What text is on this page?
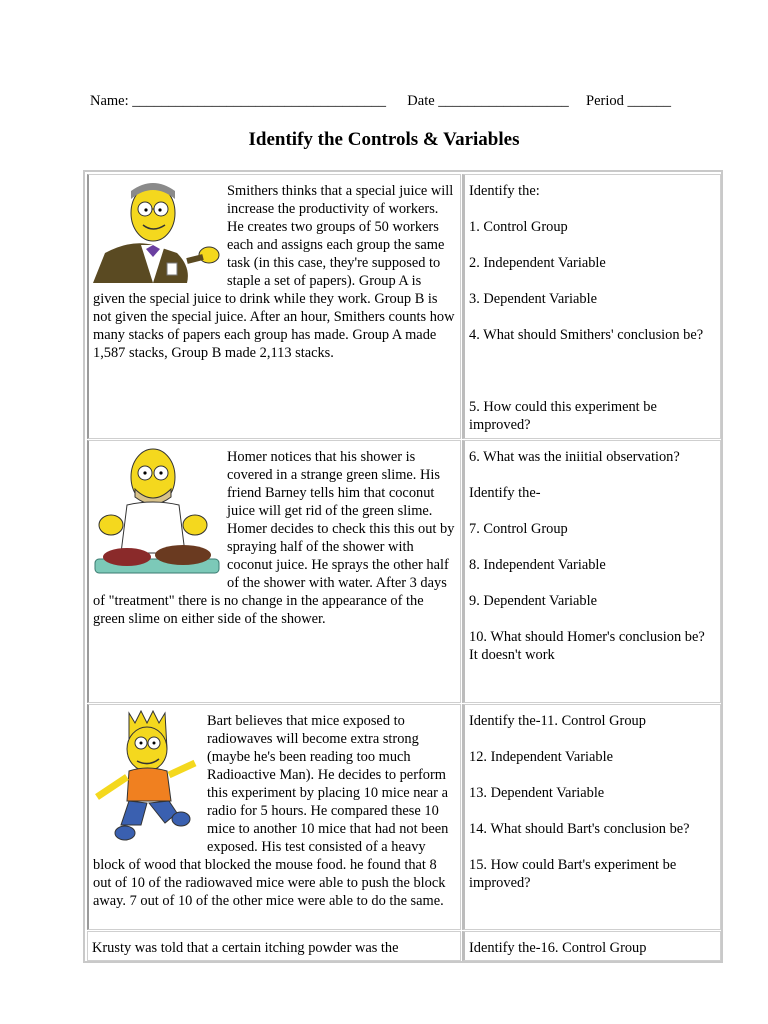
Name: ___________________________________ Date __________________ Period ______
Identify the Controls & Variables

Smithers thinks that a special juice will increase the productivity of workers. He creates two groups of 50 workers each and assigns each group the same task (in this case, they're supposed to staple a set of papers). Group A is given the special juice to drink while they work. Group B is not given the special juice. After an hour, Smithers counts how many stacks of papers each group has made. Group A made 1,587 stacks, Group B made 2,113 stacks.

Identify the:
1. Control Group
2. Independent Variable
3. Dependent Variable
4. What should Smithers' conclusion be?
5. How could this experiment be improved?

Homer notices that his shower is covered in a strange green slime. His friend Barney tells him that coconut juice will get rid of the green slime. Homer decides to check this this out by spraying half of the shower with coconut juice. He sprays the other half of the shower with water. After 3 days of "treatment" there is no change in the appearance of the green slime on either side of the shower.

6. What was the iniitial observation?
Identify the-
7. Control Group
8. Independent Variable
9. Dependent Variable
10. What should Homer's conclusion be?
It doesn't work

Bart believes that mice exposed to radiowaves will become extra strong (maybe he's been reading too much Radioactive Man). He decides to perform this experiment by placing 10 mice near a radio for 5 hours. He compared these 10 mice to another 10 mice that had not been exposed. His test consisted of a heavy block of wood that blocked the mouse food. he found that 8 out of 10 of the radiowaved mice were able to push the block away. 7 out of 10 of the other mice were able to do the same.

Identify the-11. Control Group
12. Independent Variable
13. Dependent Variable
14. What should Bart's conclusion be?
15. How could Bart's experiment be improved?

Krusty was told that a certain itching powder was the	Identify the-16. Control Group
